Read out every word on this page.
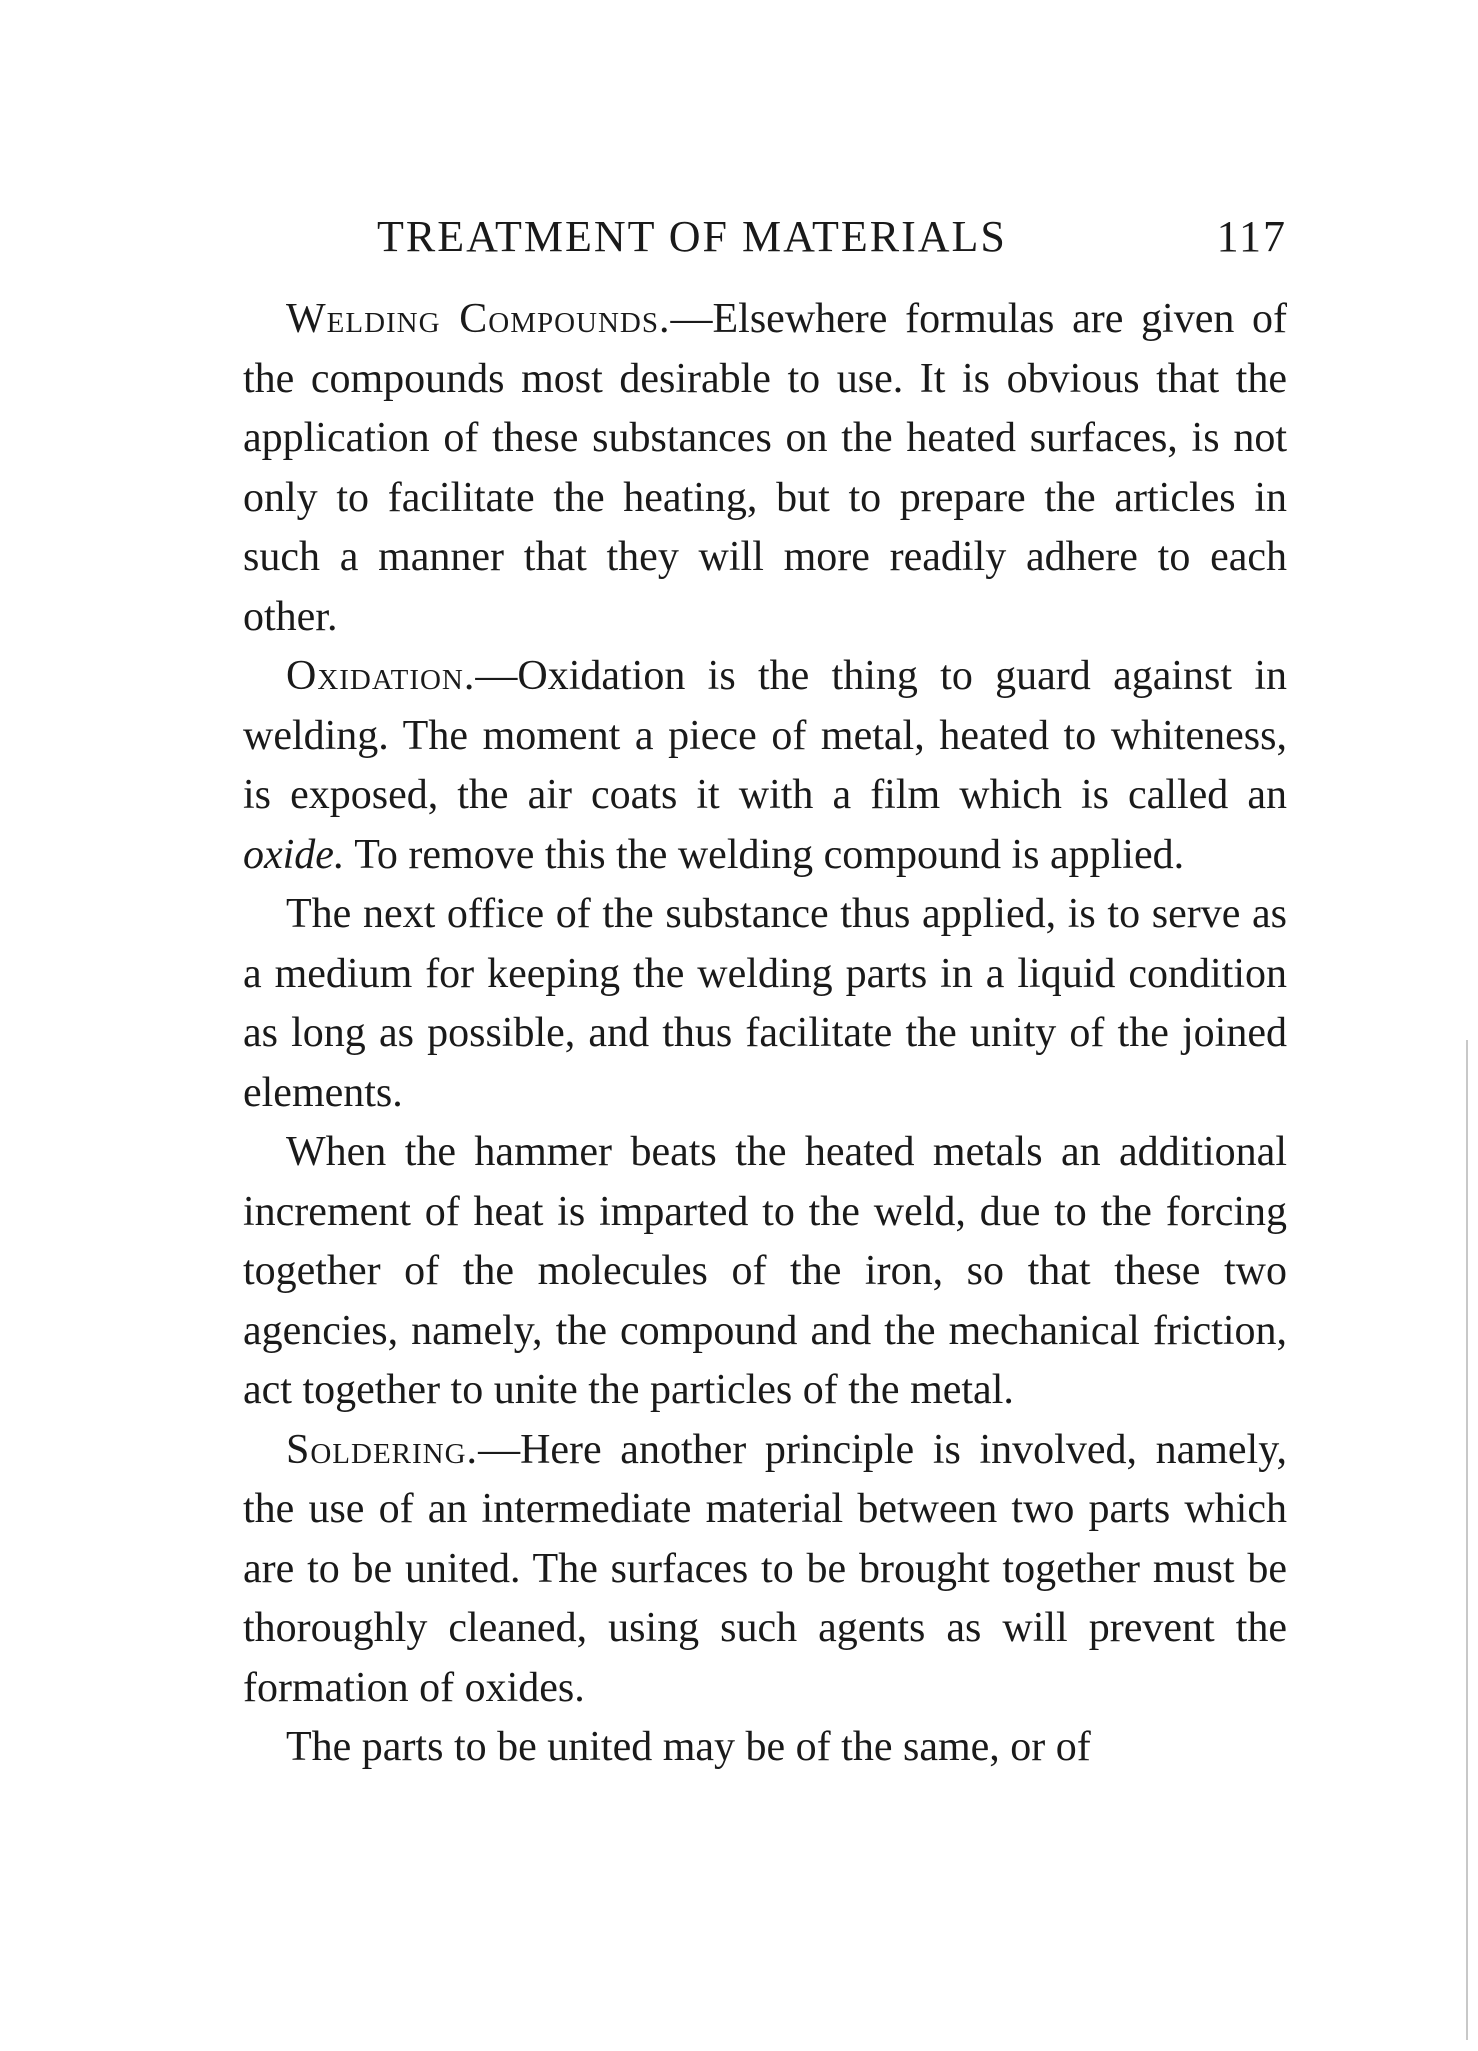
TREATMENT OF MATERIALS	117

Welding Compounds.—Elsewhere formulas are given of the compounds most desirable to use. It is obvious that the application of these substances on the heated surfaces, is not only to facilitate the heating, but to prepare the articles in such a manner that they will more readily adhere to each other.

Oxidation.—Oxidation is the thing to guard against in welding. The moment a piece of metal, heated to whiteness, is exposed, the air coats it with a film which is called an oxide. To remove this the welding compound is applied.

The next office of the substance thus applied, is to serve as a medium for keeping the welding parts in a liquid condition as long as possible, and thus facilitate the unity of the joined elements.

When the hammer beats the heated metals an additional increment of heat is imparted to the weld, due to the forcing together of the molecules of the iron, so that these two agencies, namely, the compound and the mechanical friction, act together to unite the particles of the metal.

Soldering.—Here another principle is involved, namely, the use of an intermediate material between two parts which are to be united. The surfaces to be brought together must be thoroughly cleaned, using such agents as will prevent the formation of oxides.

The parts to be united may be of the same, or of
